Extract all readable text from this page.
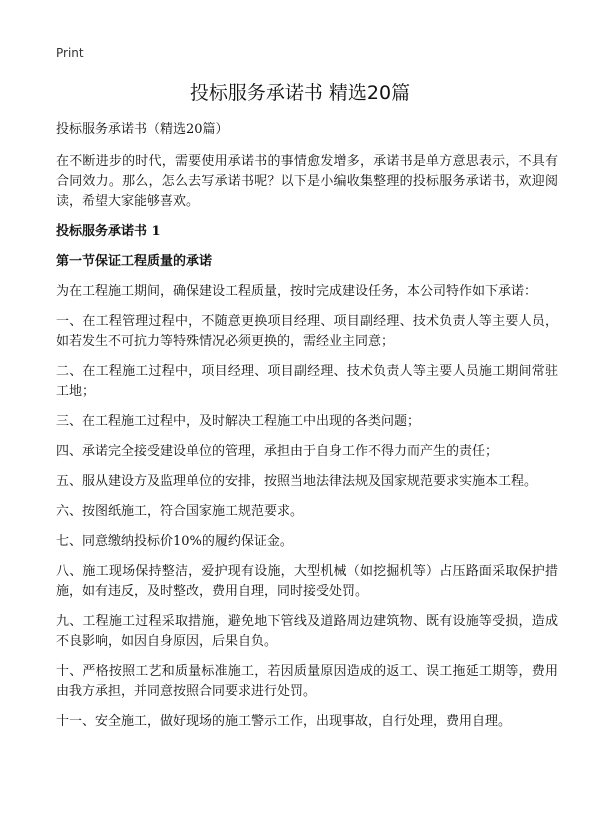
Print
投标服务承诺书 精选20篇
投标服务承诺书（精选20篇）
在不断进步的时代，需要使用承诺书的事情愈发增多，承诺书是单方意思表示，不具有合同效力。那么，怎么去写承诺书呢？以下是小编收集整理的投标服务承诺书，欢迎阅读，希望大家能够喜欢。
投标服务承诺书 1
第一节保证工程质量的承诺
为在工程施工期间，确保建设工程质量，按时完成建设任务，本公司特作如下承诺：
一、在工程管理过程中，不随意更换项目经理、项目副经理、技术负责人等主要人员，如若发生不可抗力等特殊情况必须更换的，需经业主同意；
二、在工程施工过程中，项目经理、项目副经理、技术负责人等主要人员施工期间常驻工地；
三、在工程施工过程中，及时解决工程施工中出现的各类问题；
四、承诺完全接受建设单位的管理，承担由于自身工作不得力而产生的责任；
五、服从建设方及监理单位的安排，按照当地法律法规及国家规范要求实施本工程。
六、按图纸施工，符合国家施工规范要求。
七、同意缴纳投标价10%的履约保证金。
八、施工现场保持整洁，爱护现有设施，大型机械（如挖掘机等）占压路面采取保护措施，如有违反，及时整改，费用自理，同时接受处罚。
九、工程施工过程采取措施，避免地下管线及道路周边建筑物、既有设施等受损，造成不良影响，如因自身原因，后果自负。
十、严格按照工艺和质量标准施工，若因质量原因造成的返工、误工拖延工期等，费用由我方承担，并同意按照合同要求进行处罚。
十一、安全施工，做好现场的施工警示工作，出现事故，自行处理，费用自理。
